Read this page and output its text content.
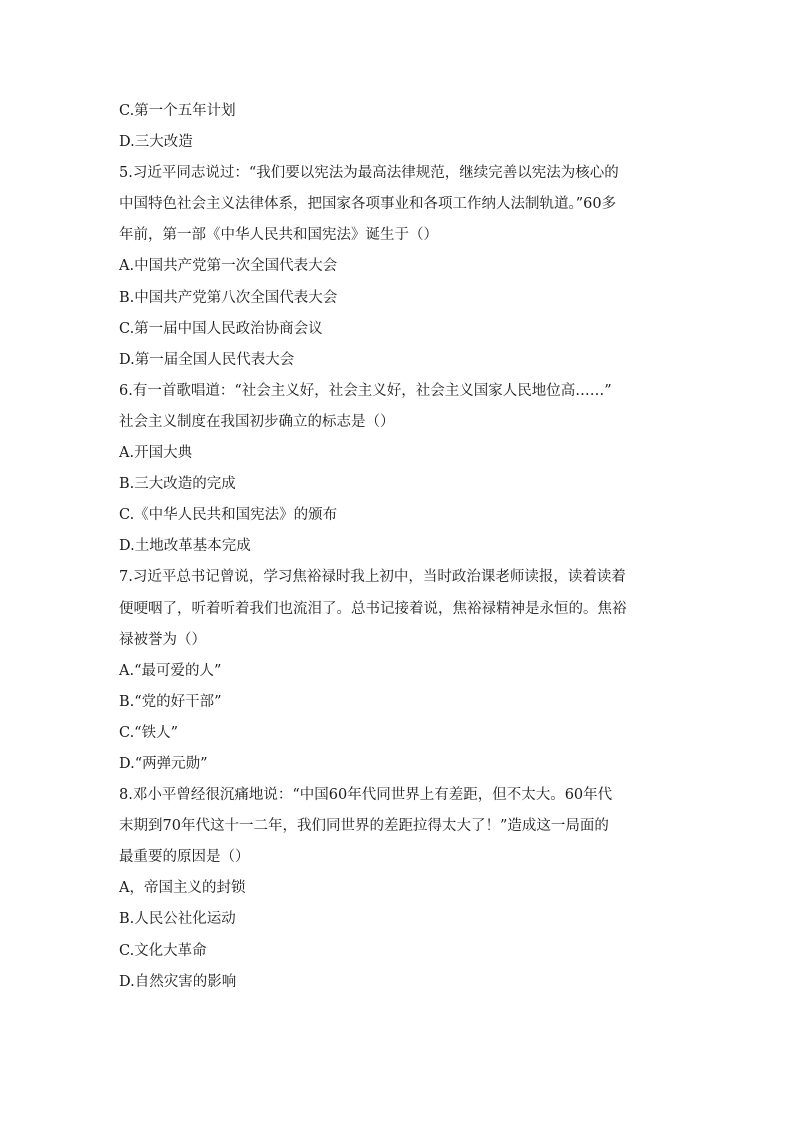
C.第一个五年计划
D.三大改造
5.习近平同志说过：“我们要以宪法为最高法律规范，继续完善以宪法为核心的
中国特色社会主义法律体系，把国家各项事业和各项工作纳人法制轨道。”60多
年前，第一部《中华人民共和国宪法》诞生于（）
A.中国共产党第一次全国代表大会
B.中国共产党第八次全国代表大会
C.第一届中国人民政治协商会议
D.第一届全国人民代表大会
6.有一首歌唱道：“社会主义好，社会主义好，社会主义国家人民地位高……”
社会主义制度在我国初步确立的标志是（）
A.开国大典
B.三大改造的完成
C.《中华人民共和国宪法》的颁布
D.土地改革基本完成
7.习近平总书记曾说，学习焦裕禄时我上初中，当时政治课老师读报，读着读着
便哽咽了，听着听着我们也流泪了。总书记接着说，焦裕禄精神是永恒的。焦裕
禄被誉为（）
A.“最可爱的人”
B.“党的好干部”
C.“铁人”
D.“两弹元勋”
8.邓小平曾经很沉痛地说：“中国60年代同世界上有差距，但不太大。60年代
末期到70年代这十一二年，我们同世界的差距拉得太大了！”造成这一局面的
最重要的原因是（）
A，帝国主义的封锁
B.人民公社化运动
C.文化大革命
D.自然灾害的影响
